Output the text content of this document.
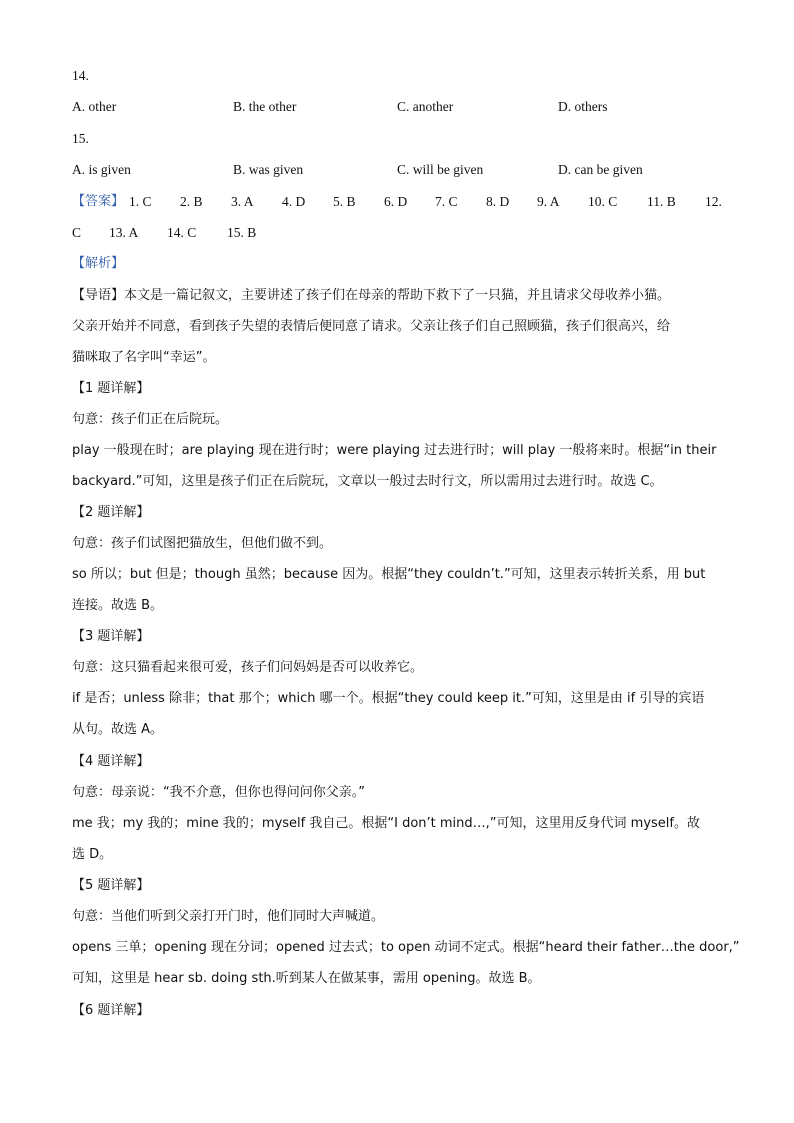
14.
A. other	B. the other	C. another	D. others
15.
A. is given	B. was given	C. will be given	D. can be given
【答案】 1. C 2. B 3. A 4. D 5. B 6. D 7. C 8. D 9. A 10. C 11. B 12.
C 13. A 14. C 15. B
【解析】
【导语】本文是一篇记叙文，主要讲述了孩子们在母亲的帮助下救下了一只猫，并且请求父母收养小猫。
父亲开始并不同意，看到孩子失望的表情后便同意了请求。父亲让孩子们自己照顾猫，孩子们很高兴，给
猫咪取了名字叫“幸运”。
【1 题详解】
句意：孩子们正在后院玩。
play 一般现在时；are playing 现在进行时；were playing 过去进行时；will play 一般将来时。根据“in their
backyard.”可知，这里是孩子们正在后院玩，文章以一般过去时行文，所以需用过去进行时。故选 C。
【2 题详解】
句意：孩子们试图把猫放生，但他们做不到。
so 所以；but 但是；though 虽然；because 因为。根据“they couldn’t.”可知，这里表示转折关系，用 but
连接。故选 B。
【3 题详解】
句意：这只猫看起来很可爱，孩子们问妈妈是否可以收养它。
if 是否；unless 除非；that 那个；which 哪一个。根据“they could keep it.”可知，这里是由 if 引导的宾语
从句。故选 A。
【4 题详解】
句意：母亲说：“我不介意，但你也得问问你父亲。”
me 我；my 我的；mine 我的；myself 我自己。根据“I don’t mind…,”可知，这里用反身代词 myself。故
选 D。
【5 题详解】
句意：当他们听到父亲打开门时，他们同时大声喊道。
opens 三单；opening 现在分词；opened 过去式；to open 动词不定式。根据“heard their father…the door,”
可知，这里是 hear sb. doing sth.听到某人在做某事，需用 opening。故选 B。
【6 题详解】
